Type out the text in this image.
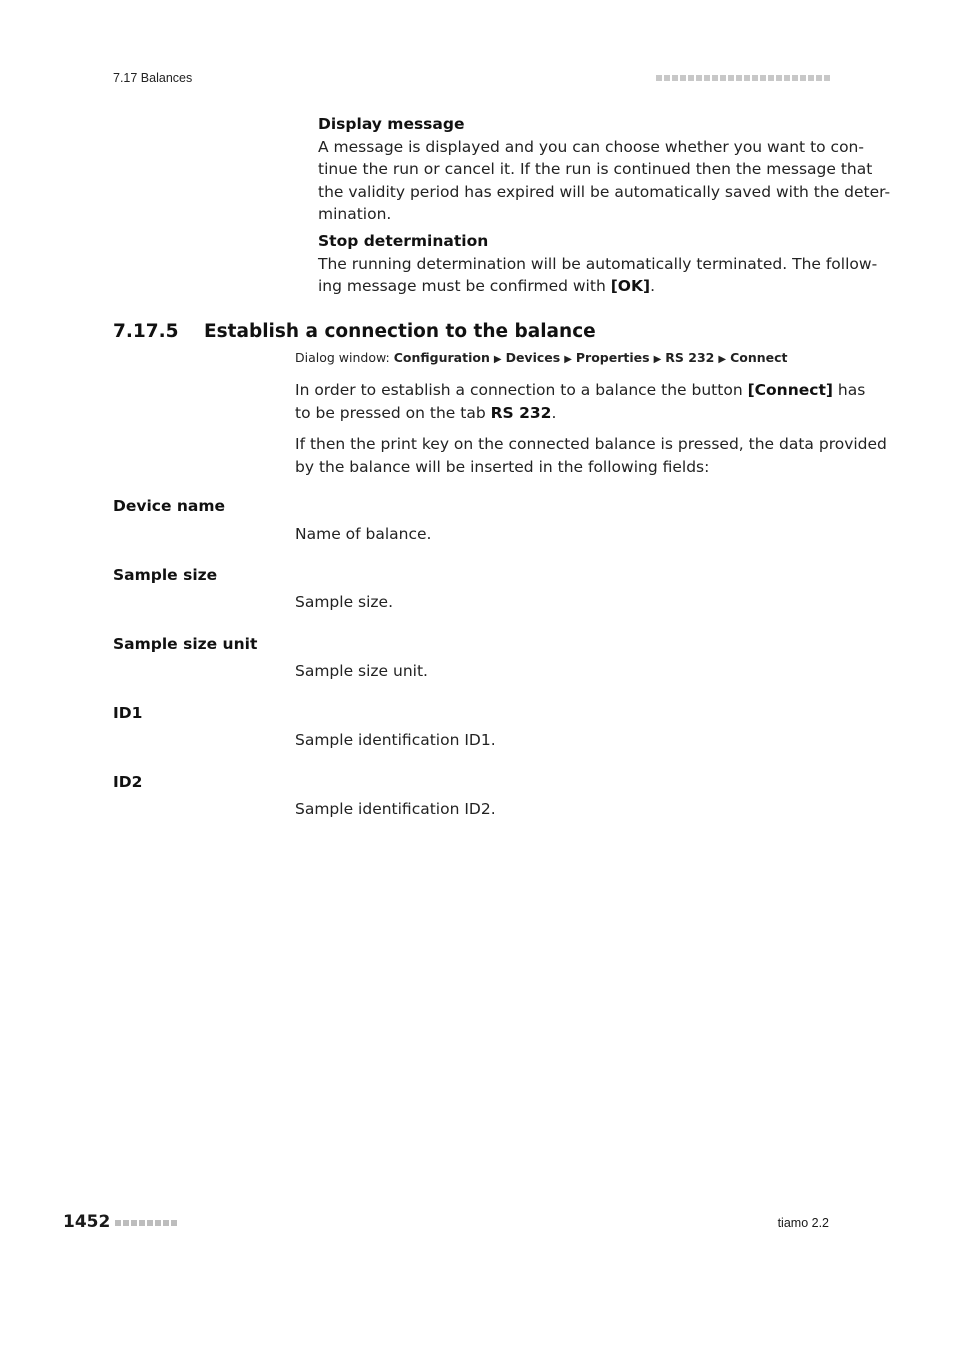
7.17 Balances
Display message

A message is displayed and you can choose whether you want to con-

tinue the run or cancel it. If the run is continued then the message that

the validity period has expired will be automatically saved with the deter-

mination.

Stop determination

The running determination will be automatically terminated. The follow-

ing message must be confirmed with [OK].

7.17.5	Establish a connection to the balance
Dialog window: Configuration ▶ Devices ▶ Properties ▶ RS 232 ▶ Connect

In order to establish a connection to a balance the button [Connect] has

to be pressed on the tab RS 232.

If then the print key on the connected balance is pressed, the data provided

by the balance will be inserted in the following fields:

Device name
Name of balance.
Sample size
Sample size.
Sample size unit
Sample size unit.
ID1
Sample identification ID1.
ID2
Sample identification ID2.
1452	tiamo 2.2
